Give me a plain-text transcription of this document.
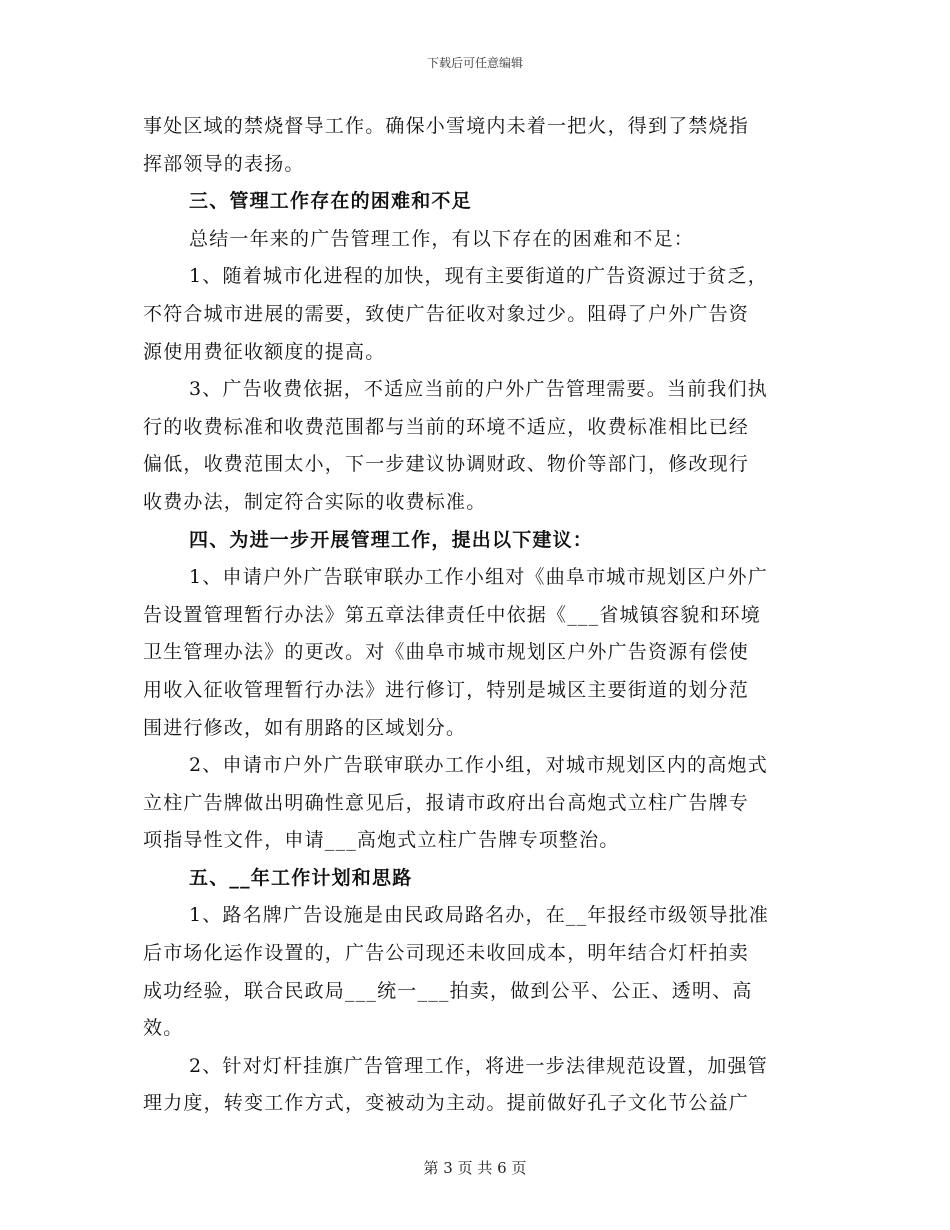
下载后可任意编辑
事处区域的禁烧督导工作。确保小雪境内未着一把火，得到了禁烧指
挥部领导的表扬。
三、管理工作存在的困难和不足
总结一年来的广告管理工作，有以下存在的困难和不足：
1、随着城市化进程的加快，现有主要街道的广告资源过于贫乏，
不符合城市进展的需要，致使广告征收对象过少。阻碍了户外广告资
源使用费征收额度的提高。
3、广告收费依据，不适应当前的户外广告管理需要。当前我们执
行的收费标准和收费范围都与当前的环境不适应，收费标准相比已经
偏低，收费范围太小，下一步建议协调财政、物价等部门，修改现行
收费办法，制定符合实际的收费标准。
四、为进一步开展管理工作，提出以下建议：
1、申请户外广告联审联办工作小组对《曲阜市城市规划区户外广
告设置管理暂行办法》第五章法律责任中依据《___省城镇容貌和环境
卫生管理办法》的更改。对《曲阜市城市规划区户外广告资源有偿使
用收入征收管理暂行办法》进行修订，特别是城区主要街道的划分范
围进行修改，如有朋路的区域划分。
2、申请市户外广告联审联办工作小组，对城市规划区内的高炮式
立柱广告牌做出明确性意见后，报请市政府出台高炮式立柱广告牌专
项指导性文件，申请___高炮式立柱广告牌专项整治。
五、__年工作计划和思路
1、路名牌广告设施是由民政局路名办，在__年报经市级领导批准
后市场化运作设置的，广告公司现还未收回成本，明年结合灯杆拍卖
成功经验，联合民政局___统一___拍卖，做到公平、公正、透明、高
效。
2、针对灯杆挂旗广告管理工作，将进一步法律规范设置，加强管
理力度，转变工作方式，变被动为主动。提前做好孔子文化节公益广
第 3 页 共 6 页
